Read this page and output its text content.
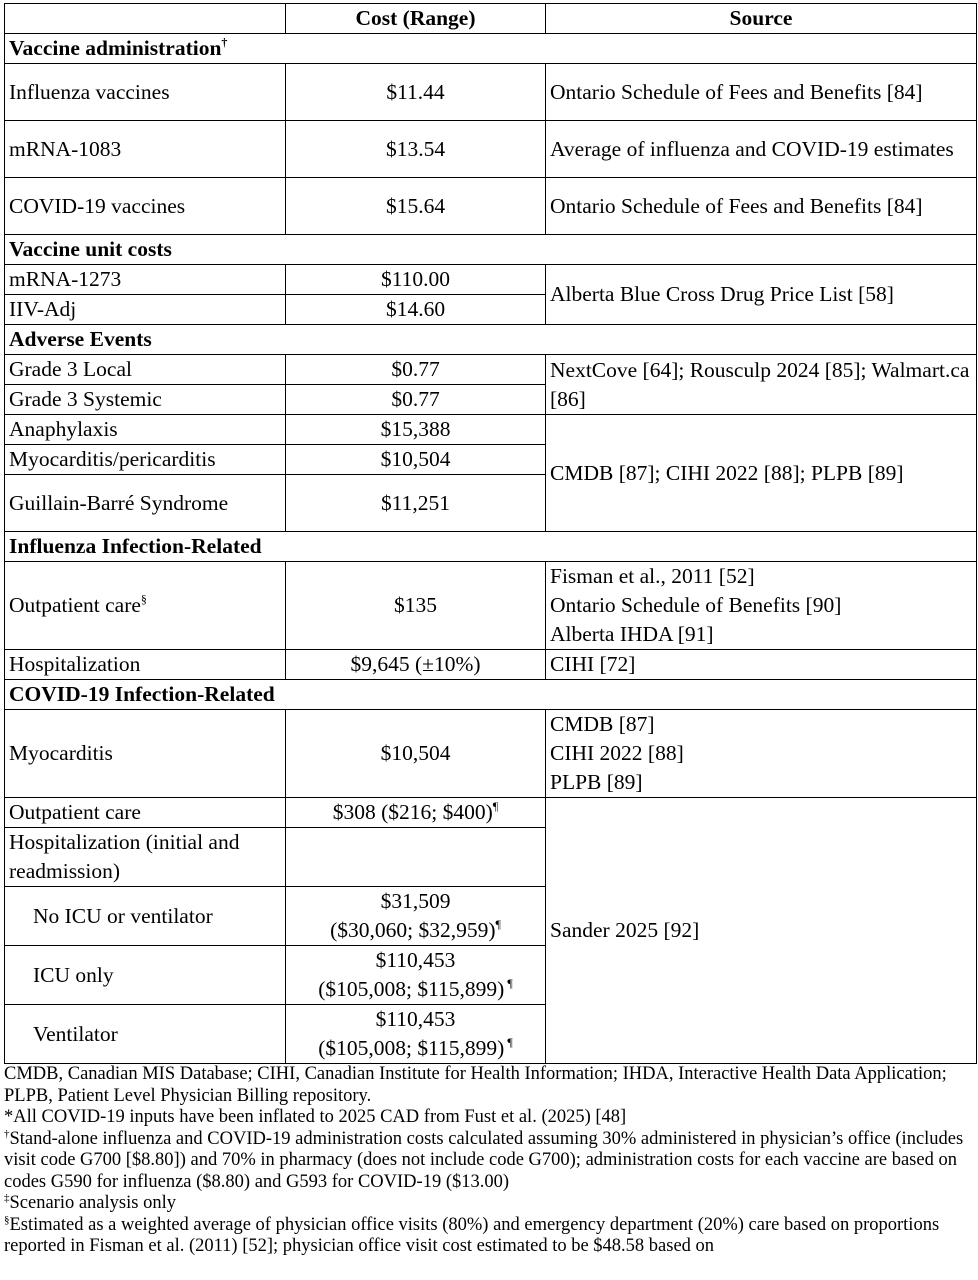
	Cost (Range)	Source
Vaccine administration†
Influenza vaccines	$11.44	Ontario Schedule of Fees and Benefits [84]
mRNA-1083	$13.54	Average of influenza and COVID-19 estimates
COVID-19 vaccines	$15.64	Ontario Schedule of Fees and Benefits [84]
Vaccine unit costs		
mRNA-1273	$110.00	Alberta Blue Cross Drug Price List [58]
IIV-Adj	$14.60	
Adverse Events		
Grade 3 Local	$0.77	NextCove [64]; Rousculp 2024 [85]; Walmart.ca [86]
Grade 3 Systemic	$0.77	
Anaphylaxis	$15,388	CMDB [87]; CIHI 2022 [88]; PLPB [89]
Myocarditis/pericarditis	$10,504	
Guillain-Barré Syndrome	$11,251	
Influenza Infection-Related		
Outpatient care§	$135	Fisman et al., 2011 [52]
Ontario Schedule of Benefits [90]
Alberta IHDA [91]

Hospitalization	$9,645 (±10%)	CIHI [72]
COVID-19 Infection-Related		
Myocarditis	$10,504	CMDB [87]
CIHI 2022 [88]
PLPB [89]

Outpatient care	$308 ($216; $400)¶	Sander 2025 [92]
Hospitalization (initial and readmission)		
No ICU or ventilator	$31,509
($30,060; $32,959)¶

ICU only	$110,453
($105,008; $115,899) ¶

Ventilator	$110,453
($105,008; $115,899) ¶

CMDB, Canadian MIS Database; CIHI, Canadian Institute for Health Information; IHDA, Interactive Health Data Application; PLPB, Patient Level Physician Billing repository.

*All COVID-19 inputs have been inflated to 2025 CAD from Fust et al. (2025) [48]

†Stand-alone influenza and COVID-19 administration costs calculated assuming 30% administered in physician’s office (includes visit code G700 [$8.80]) and 70% in pharmacy (does not include code G700); administration costs for each vaccine are based on codes G590 for influenza ($8.80) and G593 for COVID-19 ($13.00)

‡Scenario analysis only

§Estimated as a weighted average of physician office visits (80%) and emergency department (20%) care based on proportions reported in Fisman et al. (2011) [52]; physician office visit cost estimated to be $48.58 based on
